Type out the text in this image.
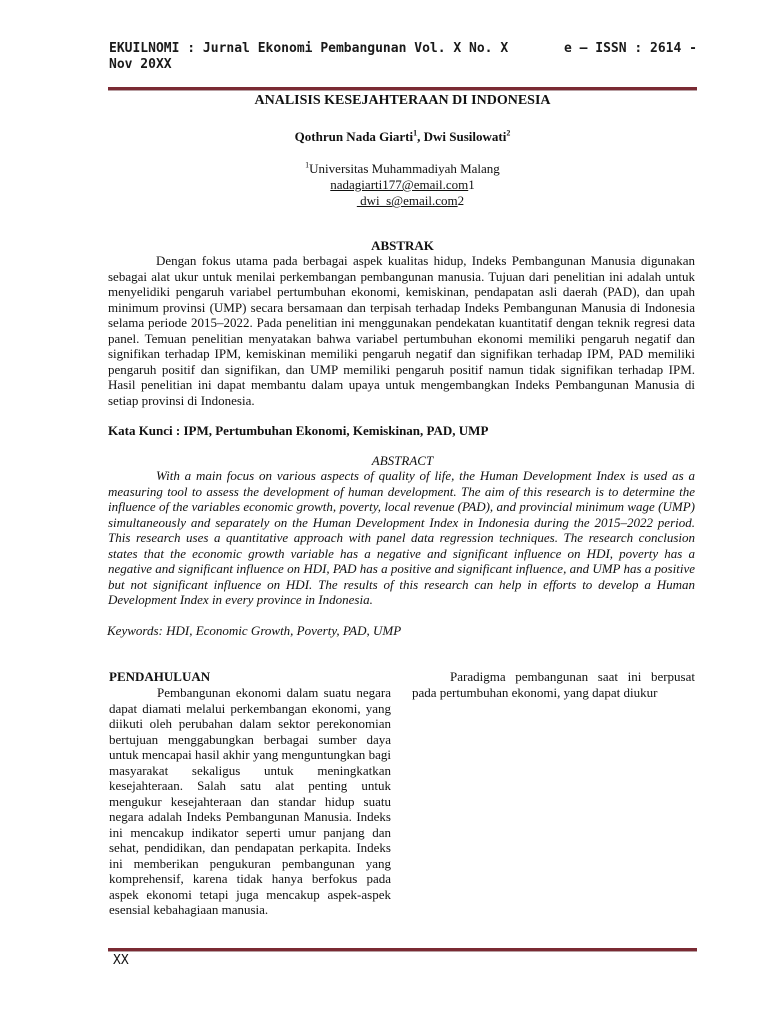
EKUILNOMI : Jurnal Ekonomi Pembangunan Vol. X No. X Nov 20XX
e – ISSN : 2614 -
ANALISIS KESEJAHTERAAN DI INDONESIA
Qothrun Nada Giarti$^1$, Dwi Susilowati$^2$
$^1$Universitas Muhammadiyah Malang
nadagiarti177@email.com1
dwi_s@email.com2
ABSTRAK

Dengan fokus utama pada berbagai aspek kualitas hidup, Indeks Pembangunan Manusia digunakan sebagai alat ukur untuk menilai perkembangan pembangunan manusia. Tujuan dari penelitian ini adalah untuk menyelidiki pengaruh variabel pertumbuhan ekonomi, kemiskinan, pendapatan asli daerah (PAD), dan upah minimum provinsi (UMP) secara bersamaan dan terpisah terhadap Indeks Pembangunan Manusia di Indonesia selama periode 2015–2022. Pada penelitian ini menggunakan pendekatan kuantitatif dengan teknik regresi data panel. Temuan penelitian menyatakan bahwa variabel pertumbuhan ekonomi memiliki pengaruh negatif dan signifikan terhadap IPM, kemiskinan memiliki pengaruh negatif dan signifikan terhadap IPM, PAD memiliki pengaruh positif dan signifikan, dan UMP memiliki pengaruh positif namun tidak signifikan terhadap IPM. Hasil penelitian ini dapat membantu dalam upaya untuk mengembangkan Indeks Pembangunan Manusia di setiap provinsi di Indonesia.

Kata Kunci : IPM, Pertumbuhan Ekonomi, Kemiskinan, PAD, UMP
ABSTRACT

With a main focus on various aspects of quality of life, the Human Development Index is used as a measuring tool to assess the development of human development. The aim of this research is to determine the influence of the variables economic growth, poverty, local revenue (PAD), and provincial minimum wage (UMP) simultaneously and separately on the Human Development Index in Indonesia during the 2015–2022 period. This research uses a quantitative approach with panel data regression techniques. The research conclusion states that the economic growth variable has a negative and significant influence on HDI, poverty has a negative and significant influence on HDI, PAD has a positive and significant influence, and UMP has a positive but not significant influence on HDI. The results of this research can help in efforts to develop a Human Development Index in every province in Indonesia.

Keywords: HDI, Economic Growth, Poverty, PAD, UMP
PENDAHULUAN

Pembangunan ekonomi dalam suatu negara dapat diamati melalui perkembangan ekonomi, yang diikuti oleh perubahan dalam sektor perekonomian bertujuan menggabungkan berbagai sumber daya untuk mencapai hasil akhir yang menguntungkan bagi masyarakat sekaligus untuk meningkatkan kesejahteraan. Salah satu alat penting untuk mengukur kesejahteraan dan standar hidup suatu negara adalah Indeks Pembangunan Manusia. Indeks ini mencakup indikator seperti umur panjang dan sehat, pendidikan, dan pendapatan perkapita. Indeks ini memberikan pengukuran pembangunan yang komprehensif, karena tidak hanya berfokus pada aspek ekonomi tetapi juga mencakup aspek-aspek esensial kebahagiaan manusia.

Paradigma pembangunan saat ini berpusat pada pertumbuhan ekonomi, yang dapat diukur

XX
